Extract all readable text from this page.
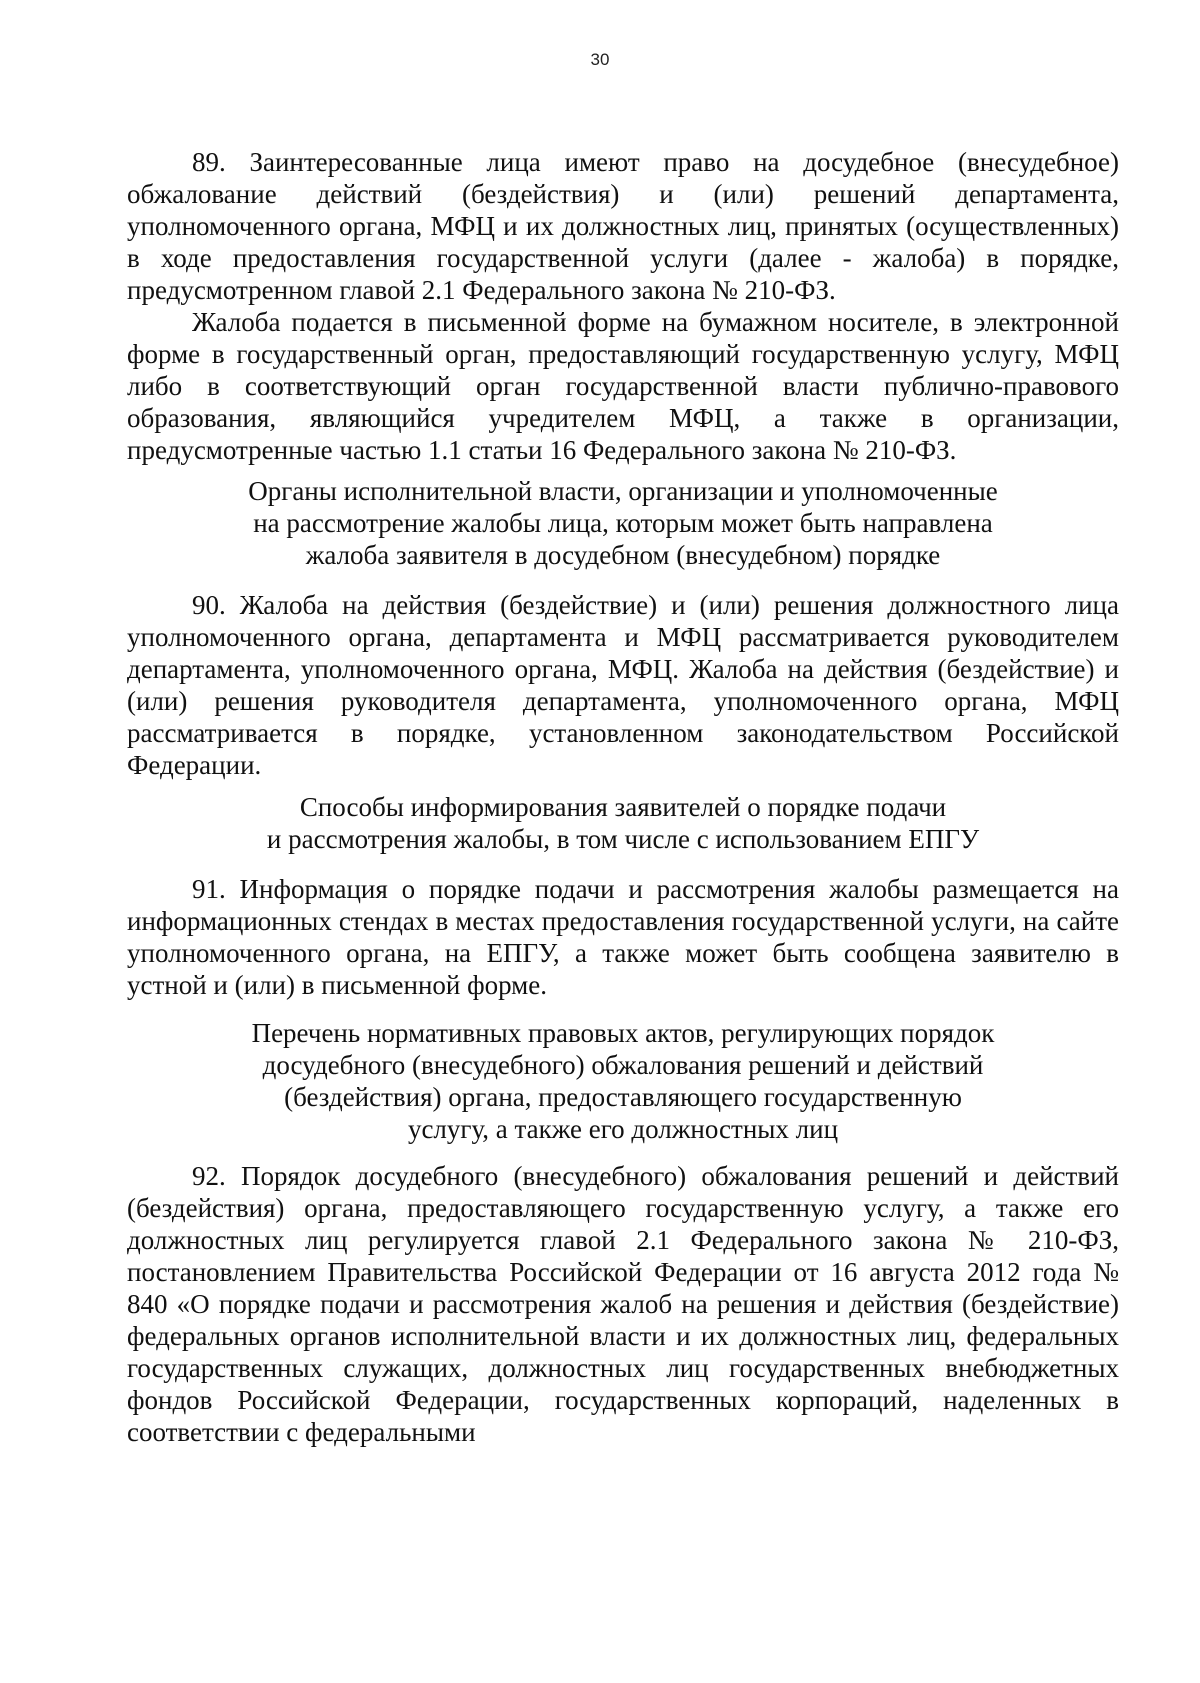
30

89. Заинтересованные лица имеют право на досудебное (внесудебное) обжалование действий (бездействия) и (или) решений департамента, уполномоченного органа, МФЦ и их должностных лиц, принятых (осуществленных) в ходе предоставления государственной услуги (далее - жалоба) в порядке, предусмотренном главой 2.1 Федерального закона № 210-ФЗ.

Жалоба подается в письменной форме на бумажном носителе, в электронной форме в государственный орган, предоставляющий государственную услугу, МФЦ либо в соответствующий орган государственной власти публично-правового образования, являющийся учредителем МФЦ, а также в организации, предусмотренные частью 1.1 статьи 16 Федерального закона № 210-ФЗ.

Органы исполнительной власти, организации и уполномоченные
на рассмотрение жалобы лица, которым может быть направлена
жалоба заявителя в досудебном (внесудебном) порядке

90. Жалоба на действия (бездействие) и (или) решения должностного лица уполномоченного органа, департамента и МФЦ рассматривается руководителем департамента, уполномоченного органа, МФЦ. Жалоба на действия (бездействие) и (или) решения руководителя департамента, уполномоченного органа, МФЦ рассматривается в порядке, установленном законодательством Российской Федерации.

Способы информирования заявителей о порядке подачи
и рассмотрения жалобы, в том числе с использованием ЕПГУ

91. Информация о порядке подачи и рассмотрения жалобы размещается на информационных стендах в местах предоставления государственной услуги, на сайте уполномоченного органа, на ЕПГУ, а также может быть сообщена заявителю в устной и (или) в письменной форме.

Перечень нормативных правовых актов, регулирующих порядок
досудебного (внесудебного) обжалования решений и действий
(бездействия) органа, предоставляющего государственную
услугу, а также его должностных лиц

92. Порядок досудебного (внесудебного) обжалования решений и действий (бездействия) органа, предоставляющего государственную услугу, а также его должностных лиц регулируется главой 2.1 Федерального закона № 210-ФЗ, постановлением Правительства Российской Федерации от 16 августа 2012 года № 840 «О порядке подачи и рассмотрения жалоб на решения и действия (бездействие) федеральных органов исполнительной власти и их должностных лиц, федеральных государственных служащих, должностных лиц государственных внебюджетных фондов Российской Федерации, государственных корпораций, наделенных в соответствии с федеральными
